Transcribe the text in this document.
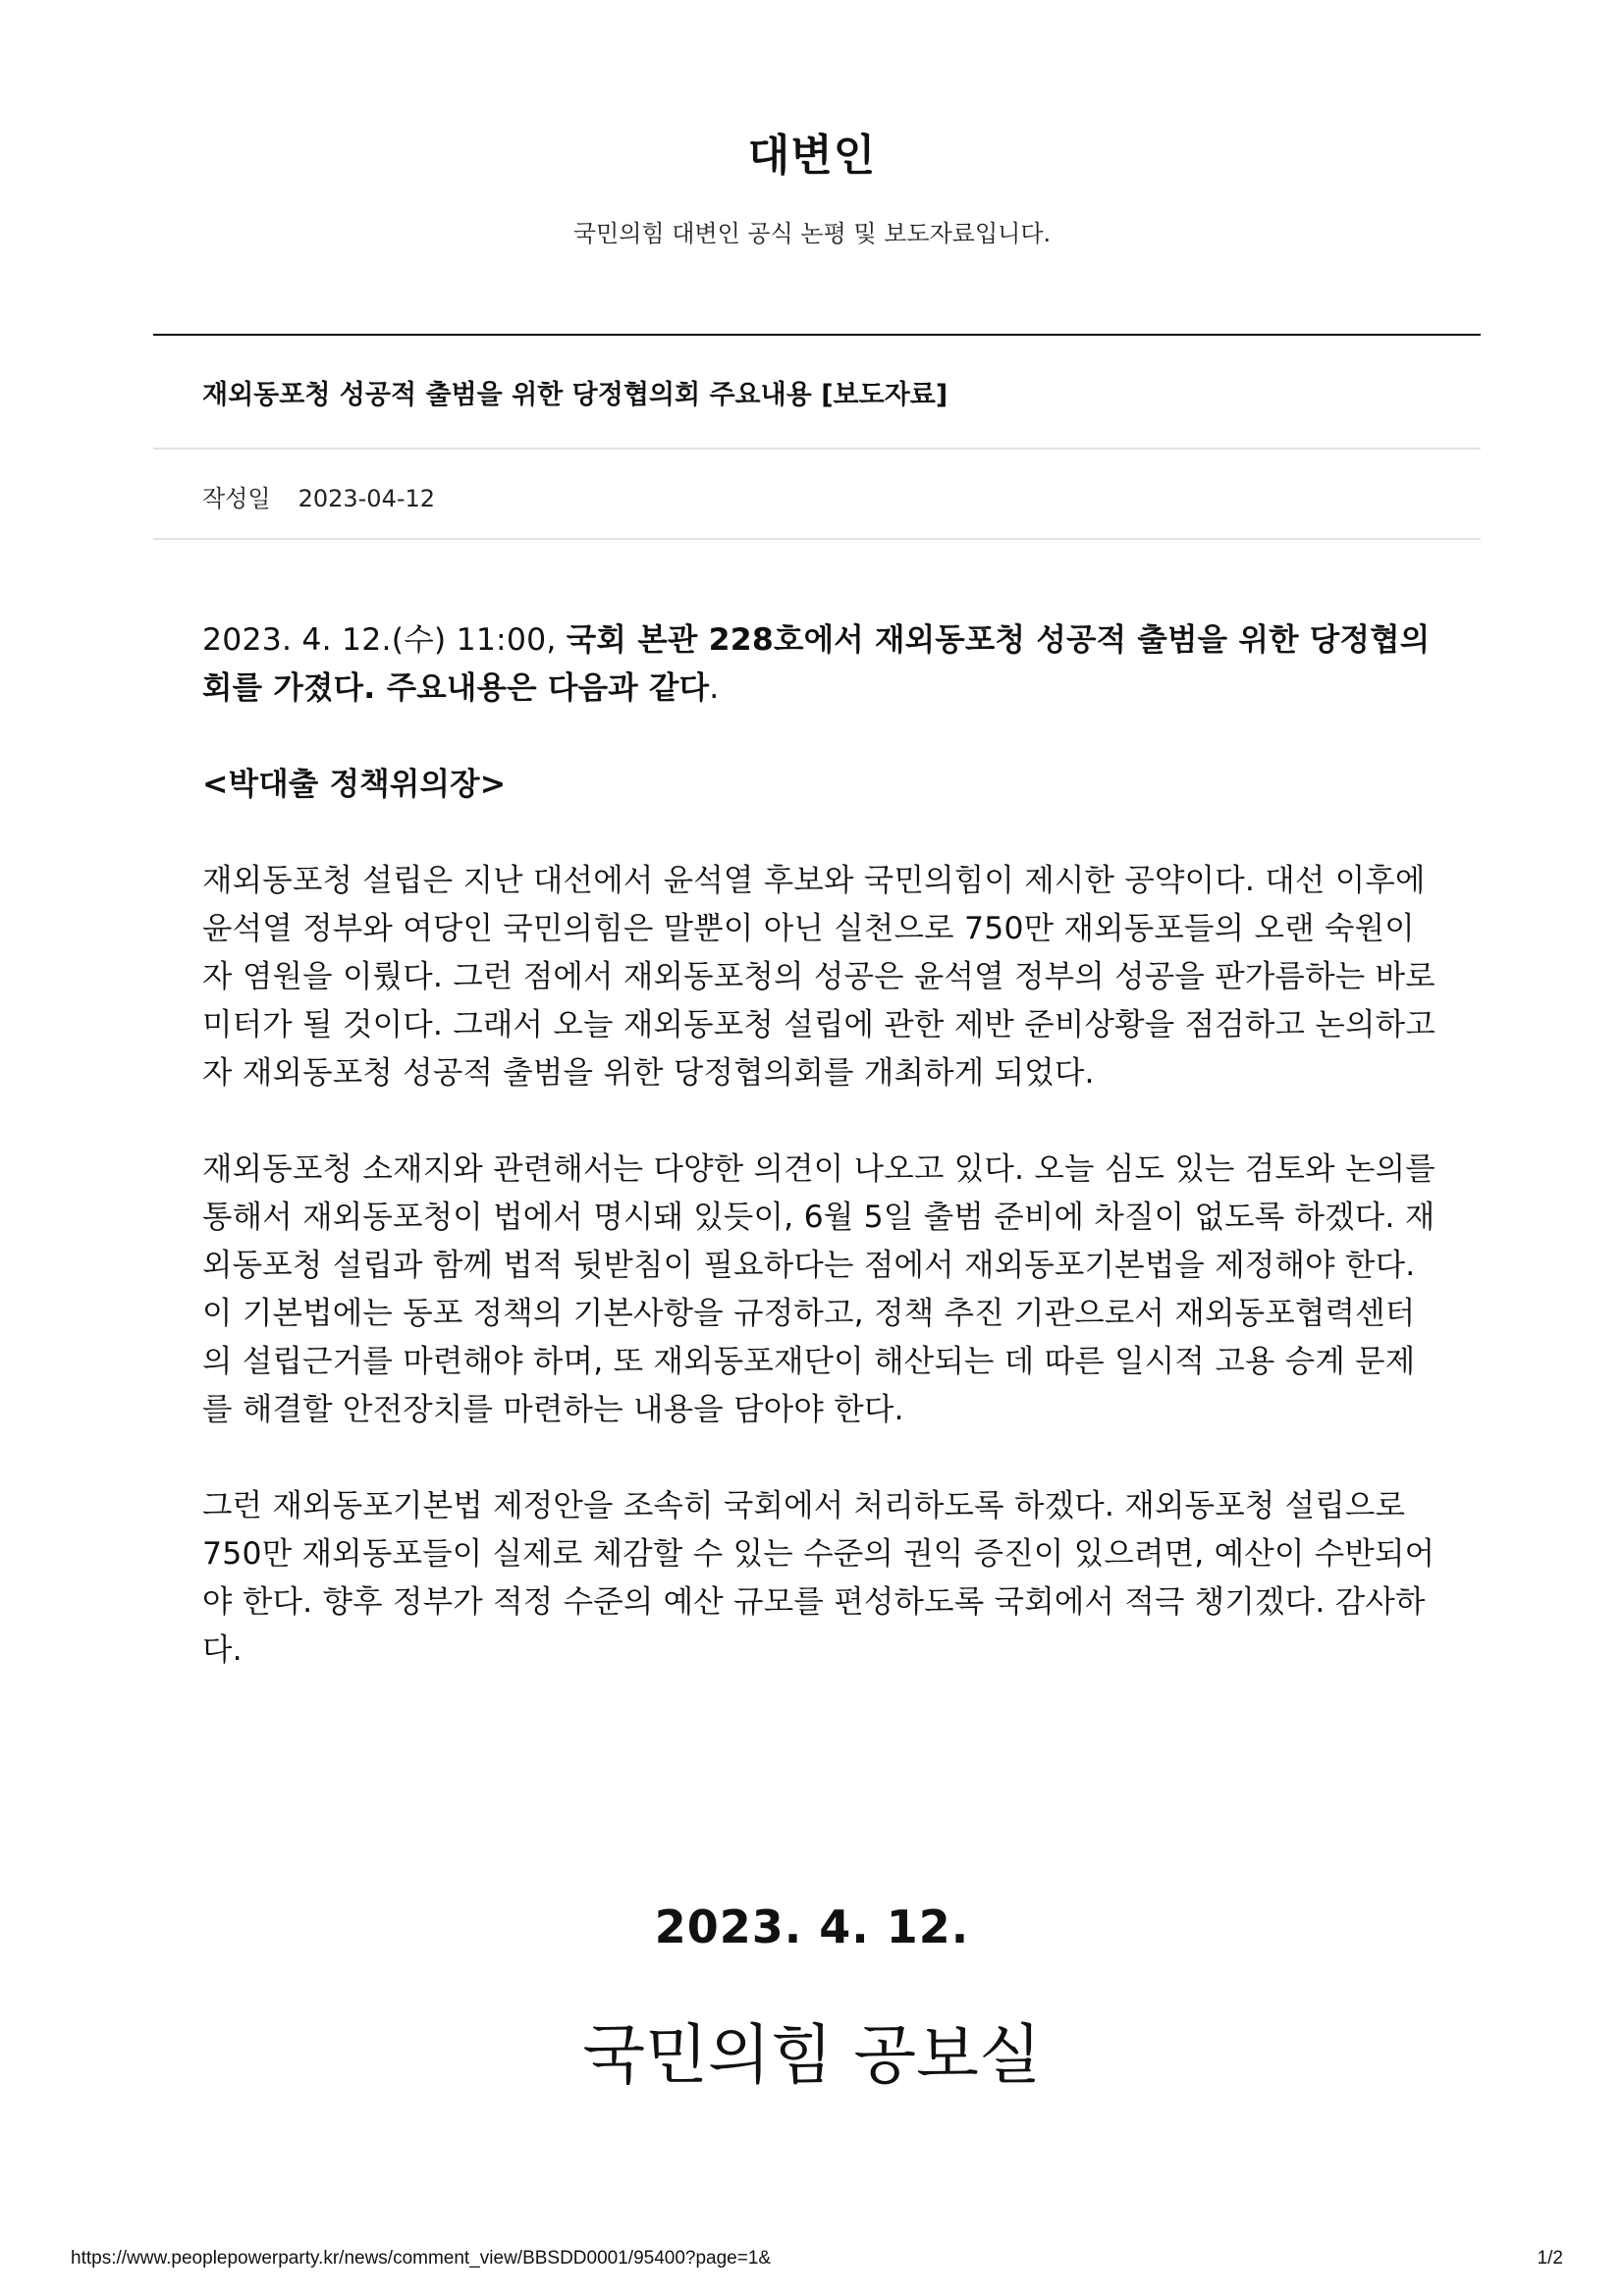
대변인
국민의힘 대변인 공식 논평 및 보도자료입니다.
재외동포청 성공적 출범을 위한 당정협의회 주요내용 [보도자료]
작성일 2023-04-12

2023. 4. 12.(수) 11:00, 국회 본관 228호에서 재외동포청 성공적 출범을 위한 당정협의회를 가졌다. 주요내용은 다음과 같다.

<박대출 정책위의장>

재외동포청 설립은 지난 대선에서 윤석열 후보와 국민의힘이 제시한 공약이다. 대선 이후에 윤석열 정부와 여당인 국민의힘은 말뿐이 아닌 실천으로 750만 재외동포들의 오랜 숙원이자 염원을 이뤘다. 그런 점에서 재외동포청의 성공은 윤석열 정부의 성공을 판가름하는 바로미터가 될 것이다. 그래서 오늘 재외동포청 설립에 관한 제반 준비상황을 점검하고 논의하고자 재외동포청 성공적 출범을 위한 당정협의회를 개최하게 되었다.

재외동포청 소재지와 관련해서는 다양한 의견이 나오고 있다. 오늘 심도 있는 검토와 논의를 통해서 재외동포청이 법에서 명시돼 있듯이, 6월 5일 출범 준비에 차질이 없도록 하겠다. 재외동포청 설립과 함께 법적 뒷받침이 필요하다는 점에서 재외동포기본법을 제정해야 한다. 이 기본법에는 동포 정책의 기본사항을 규정하고, 정책 추진 기관으로서 재외동포협력센터의 설립근거를 마련해야 하며, 또 재외동포재단이 해산되는 데 따른 일시적 고용 승계 문제를 해결할 안전장치를 마련하는 내용을 담아야 한다.

그런 재외동포기본법 제정안을 조속히 국회에서 처리하도록 하겠다. 재외동포청 설립으로 750만 재외동포들이 실제로 체감할 수 있는 수준의 권익 증진이 있으려면, 예산이 수반되어야 한다. 향후 정부가 적정 수준의 예산 규모를 편성하도록 국회에서 적극 챙기겠다. 감사하다.

2023. 4. 12.
국민의힘 공보실
https://www.peoplepowerparty.kr/news/comment_view/BBSDD0001/95400?page=1&	1/2
